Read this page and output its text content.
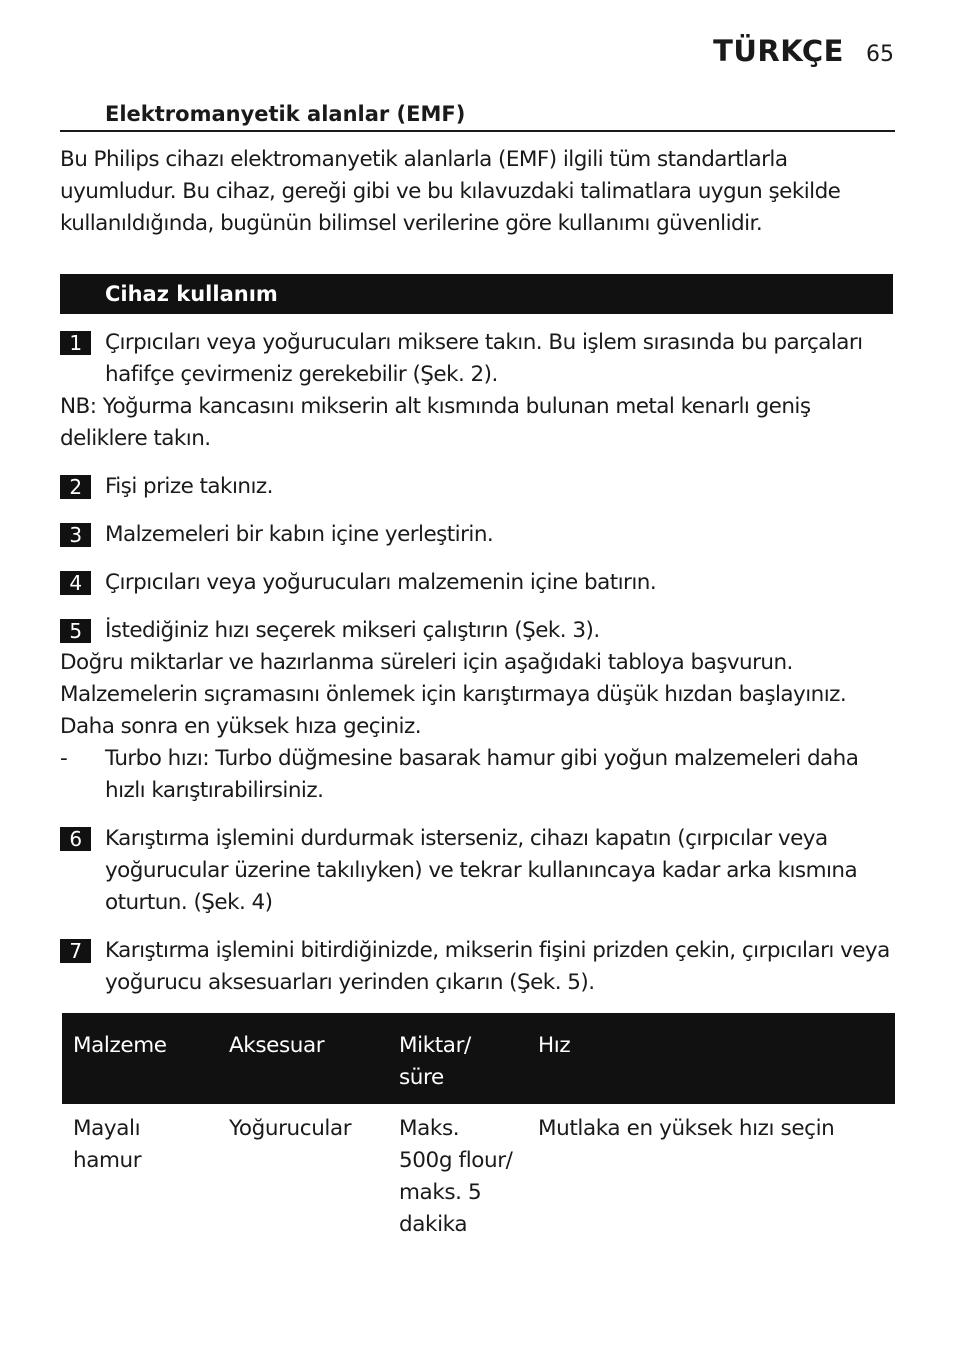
TÜRKÇE 65
Elektromanyetik alanlar (EMF)
Bu Philips cihazı elektromanyetik alanlarla (EMF) ilgili tüm standartlarla uyumludur. Bu cihaz, gereği gibi ve bu kılavuzdaki talimatlara uygun şekilde kullanıldığında, bugünün bilimsel verilerine göre kullanımı güvenlidir.
Cihaz kullanım
1	Çırpıcıları veya yoğurucuları miksere takın. Bu işlem sırasında bu parçaları hafifçe çevirmeniz gerekebilir (Şek. 2).
NB: Yoğurma kancasını mikserin alt kısmında bulunan metal kenarlı geniş deliklere takın.
2	Fişi prize takınız.
3	Malzemeleri bir kabın içine yerleştirin.
4	Çırpıcıları veya yoğurucuları malzemenin içine batırın.
5	İstediğiniz hızı seçerek mikseri çalıştırın (Şek. 3).
Doğru miktarlar ve hazırlanma süreleri için aşağıdaki tabloya başvurun.
Malzemelerin sıçramasını önlemek için karıştırmaya düşük hızdan başlayınız. Daha sonra en yüksek hıza geçiniz.
-	Turbo hızı: Turbo düğmesine basarak hamur gibi yoğun malzemeleri daha hızlı karıştırabilirsiniz.
6	Karıştırma işlemini durdurmak isterseniz, cihazı kapatın (çırpıcılar veya yoğurucular üzerine takılıyken) ve tekrar kullanıncaya kadar arka kısmına oturtun. (Şek. 4)
7	Karıştırma işlemini bitirdiğinizde, mikserin fişini prizden çekin, çırpıcıları veya yoğurucu aksesuarları yerinden çıkarın (Şek. 5).
Malzeme	Aksesuar	Miktar/ süre	Hız
Mayalı hamur	Yoğurucular	Maks. 500g flour/ maks. 5 dakika	Mutlaka en yüksek hızı seçin
